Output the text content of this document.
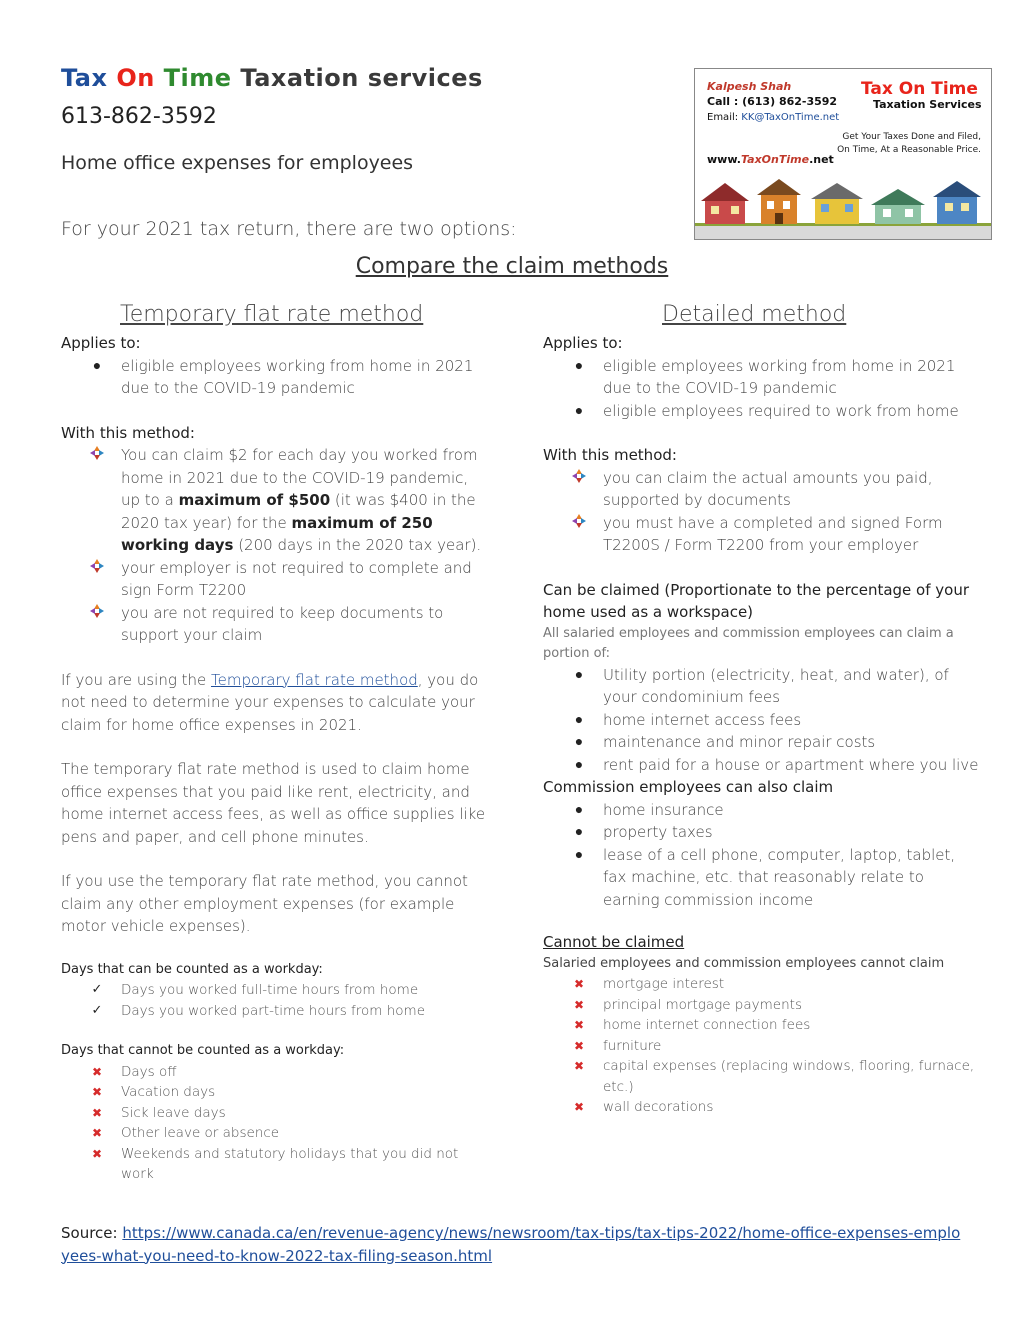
Tax On Time Taxation services
613-862-3592
Home office expenses for employees
For your 2021 tax return, there are two options:
Compare the claim methods
Kalpesh Shah
Call : (613) 862-3592
Email: KK@TaxOnTime.net
Tax On Time
Taxation Services
Get Your Taxes Done and Filed, On Time, At a Reasonable Price.
www.TaxOnTime.net
Temporary flat rate method
Applies to:
● eligible employees working from home in 2021 due to the COVID-19 pandemic
With this method:
You can claim $2 for each day you worked from home in 2021 due to the COVID-19 pandemic, up to a maximum of $500 (it was $400 in the 2020 tax year) for the maximum of 250 working days (200 days in the 2020 tax year).
your employer is not required to complete and sign Form T2200
you are not required to keep documents to support your claim

If you are using the Temporary flat rate method, you do not need to determine your expenses to calculate your claim for home office expenses in 2021.

The temporary flat rate method is used to claim home office expenses that you paid like rent, electricity, and home internet access fees, as well as office supplies like pens and paper, and cell phone minutes.

If you use the temporary flat rate method, you cannot claim any other employment expenses (for example motor vehicle expenses).

Days that can be counted as a workday:
✓ Days you worked full-time hours from home
✓ Days you worked part-time hours from home
Days that cannot be counted as a workday:
✖ Days off
✖ Vacation days
✖ Sick leave days
✖ Other leave or absence
✖ Weekends and statutory holidays that you did not work
Detailed method
Applies to:
● eligible employees working from home in 2021 due to the COVID-19 pandemic
● eligible employees required to work from home
With this method:
you can claim the actual amounts you paid, supported by documents
you must have a completed and signed Form T2200S / Form T2200 from your employer
Can be claimed (Proportionate to the percentage of your home used as a workspace)
All salaried employees and commission employees can claim a portion of:
● Utility portion (electricity, heat, and water), of your condominium fees
● home internet access fees
● maintenance and minor repair costs
● rent paid for a house or apartment where you live
Commission employees can also claim
● home insurance
● property taxes
● lease of a cell phone, computer, laptop, tablet, fax machine, etc. that reasonably relate to earning commission income
Cannot be claimed
Salaried employees and commission employees cannot claim
✖ mortgage interest
✖ principal mortgage payments
✖ home internet connection fees
✖ furniture
✖ capital expenses (replacing windows, flooring, furnace, etc.)
✖ wall decorations
Source: https://www.canada.ca/en/revenue-agency/news/newsroom/tax-tips/tax-tips-2022/home-office-expenses-employees-what-you-need-to-know-2022-tax-filing-season.html
